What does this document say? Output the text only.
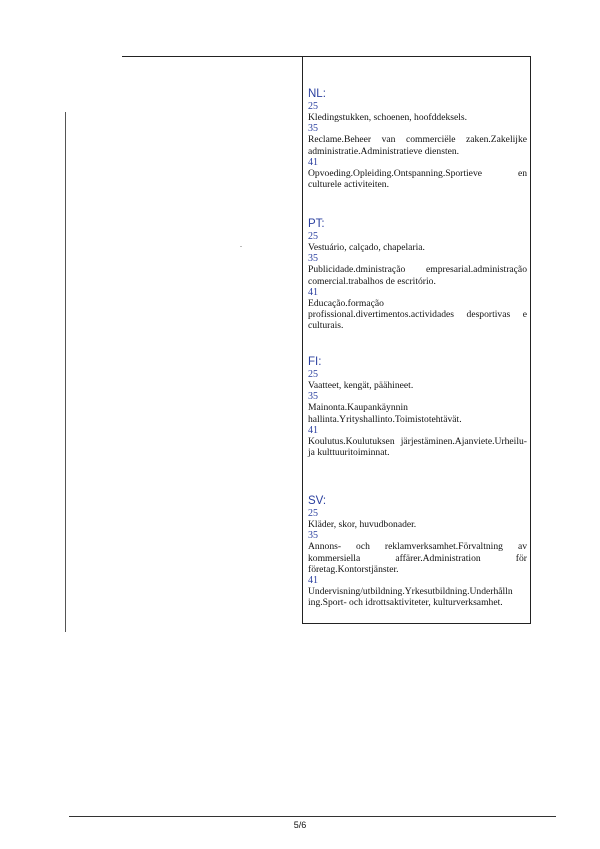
NL:
25
Kledingstukken, schoenen, hoofddeksels.
35
Reclame.Beheer van commerciële zaken.Zakelijke administratie.Administratieve diensten.
41
Opvoeding.Opleiding.Ontspanning.Sportieve en culturele activiteiten.
PT:
25
Vestuário, calçado, chapelaria.
35
Publicidade.dministração empresarial.administração comercial.trabalhos de escritório.
41
Educação.formação profissional.divertimentos.actividades desportivas e culturais.
FI:
25
Vaatteet, kengät, päähineet.
35
Mainonta.Kaupankäynnin hallinta.Yrityshallinto.Toimistotehtävät.
41
Koulutus.Koulutuksen järjestäminen.Ajanviete.Urheilu- ja kulttuuritoiminnat.
SV:
25
Kläder, skor, huvudbonader.
35
Annons- och reklamverksamhet.Förvaltning av kommersiella affärer.Administration för företag.Kontorstjänster.
41
Undervisning/utbildning.Yrkesutbildning.Underhålln ing.Sport- och idrottsaktiviteter, kulturverksamhet.
5/6
